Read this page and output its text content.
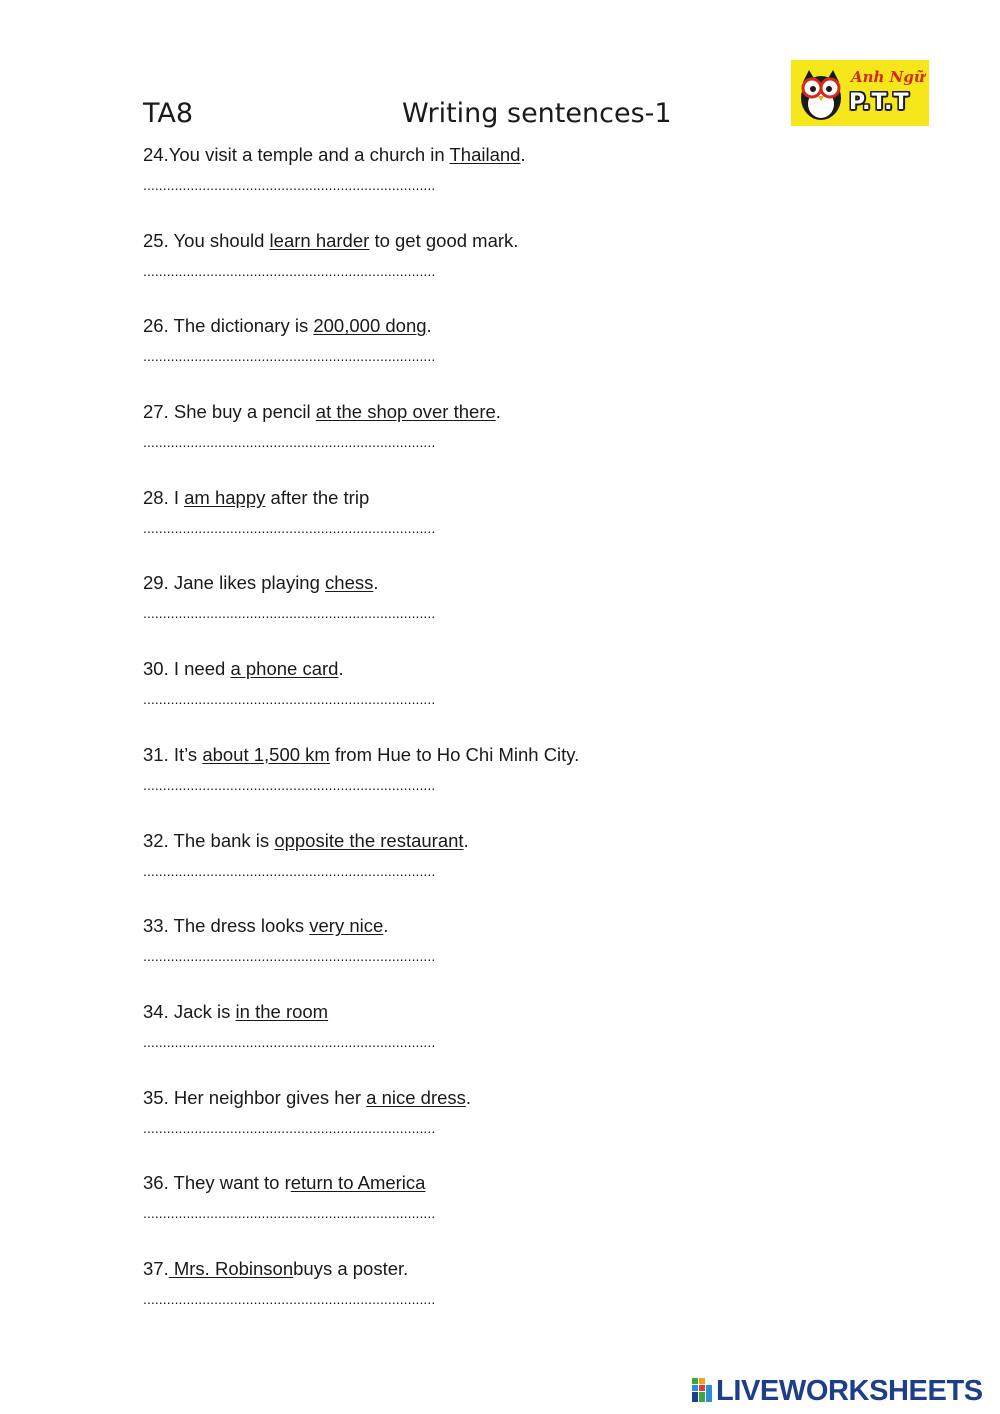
TA8	Writing sentences-1
Anh Ngữ
P.T.T
24.You visit a temple and a church in Thailand.
..........................................................................
25. You should learn harder to get good mark.
..........................................................................
26. The dictionary is 200,000 dong.
..........................................................................
27. She buy a pencil at the shop over there.
..........................................................................
28. I am happy after the trip
..........................................................................
29. Jane likes playing chess.
..........................................................................
30. I need a phone card.
..........................................................................
31. It’s about 1,500 km from Hue to Ho Chi Minh City.
..........................................................................
32. The bank is opposite the restaurant.
..........................................................................
33. The dress looks very nice.
..........................................................................
34. Jack is in the room
..........................................................................
35. Her neighbor gives her a nice dress.
..........................................................................
36. They want to return to America
..........................................................................
37. Mrs. Robinsonbuys a poster.
..........................................................................
LIVEWORKSHEETS
